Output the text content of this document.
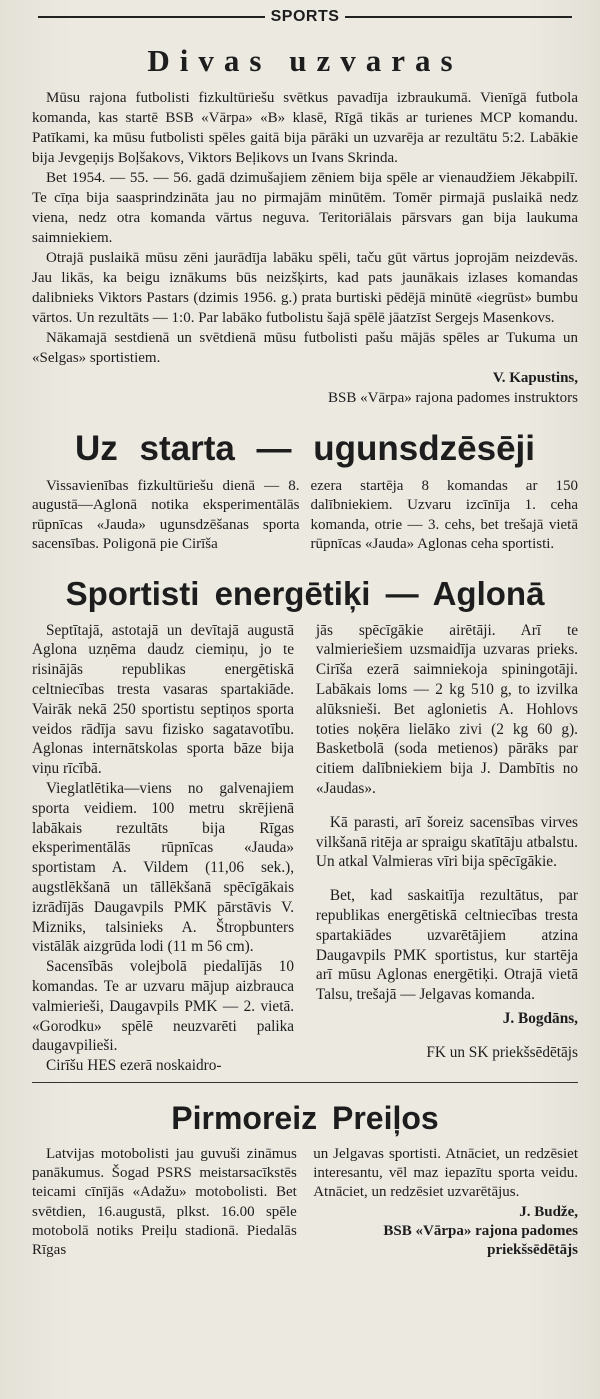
SPORTS
Divas uzvaras

Mūsu rajona futbolisti fizkultūriešu svētkus pavadīja izbraukumā. Vienīgā futbola komanda, kas startē BSB «Vārpa» «B» klasē, Rīgā tikās ar turienes MCP komandu. Patīkami, ka mūsu futbolisti spēles gaitā bija pārāki un uzvarēja ar rezultātu 5:2. Labākie bija Jevgeņijs Boļšakovs, Viktors Beļikovs un Ivans Skrinda.

Bet 1954. — 55. — 56. gadā dzimušajiem zēniem bija spēle ar vienaudžiem Jēkabpilī. Te cīņa bija saasprindzināta jau no pirmajām minūtēm. Tomēr pirmajā puslaikā nedz viena, nedz otra komanda vārtus neguva. Teritoriālais pārsvars gan bija laukuma saimniekiem.

Otrajā puslaikā mūsu zēni jaurādīja labāku spēli, taču gūt vārtus joprojām neizdevās. Jau likās, ka beigu iznākums būs neizšķirts, kad pats jaunākais izlases komandas dalibnieks Viktors Pastars (dzimis 1956. g.) prata burtiski pēdējā minūtē «iegrūst» bumbu vārtos. Un rezultāts — 1:0. Par labāko futbolistu šajā spēlē jāatzīst Sergejs Masenkovs.

Nākamajā sestdienā un svētdienā mūsu futbolisti pašu mājās spēles ar Tukuma un «Selgas» sportistiem.

V. Kapustins,

BSB «Vārpa» rajona padomes instruktors

Uz starta — ugunsdzēsēji

Vissavienības fizkultūriešu dienā — 8. augustā—Aglonā notika eksperimentālās rūpnīcas «Jauda» ugunsdzēšanas sporta sacensības. Poligonā pie Cirīša

ezera startēja 8 komandas ar 150 dalībniekiem. Uzvaru izcīnīja 1. ceha komanda, otrie — 3. cehs, bet trešajā vietā rūpnīcas «Jauda» Aglonas ceha sportisti.

Sportisti energētiķi — Aglonā

Septītajā, astotajā un devītajā augustā Aglona uzņēma daudz ciemiņu, jo te risinājās republikas energētiskā celtniecības tresta vasaras spartakiāde. Vairāk nekā 250 sportistu septiņos sporta veidos rādīja savu fizisko sagatavotību. Aglonas internātskolas sporta bāze bija viņu rīcībā.

Vieglatlētika—viens no galvenajiem sporta veidiem. 100 metru skrējienā labākais rezultāts bija Rīgas eksperimentālās rūpnīcas «Jauda» sportistam A. Vildem (11,06 sek.), augstlēkšanā un tāllēkšanā spēcīgākais izrādījās Daugavpils PMK pārstāvis V. Mizniks, talsinieks A. Štropbunters vistālāk aizgrūda lodi (11 m 56 cm).

Sacensībās volejbolā piedalījās 10 komandas. Te ar uzvaru mājup aizbrauca valmierieši, Daugavpils PMK — 2. vietā. «Gorodku» spēlē neuzvarēti palika daugavpilieši.

Cirīšu HES ezerā noskaidro-

jās spēcīgākie airētāji. Arī te valmieriešiem uzsmaidīja uzvaras prieks. Cirīša ezerā saimniekoja spiningotāji. Labākais loms — 2 kg 510 g, to izvilka alūksnieši. Bet aglonietis A. Hohlovs toties noķēra lielāko zivi (2 kg 60 g). Basketbolā (soda metienos) pārāks par citiem dalībniekiem bija J. Dambītis no «Jaudas».

Kā parasti, arī šoreiz sacensības virves vilkšanā ritēja ar spraigu skatītāju atbalstu. Un atkal Valmieras vīri bija spēcīgākie.

Bet, kad saskaitīja rezultātus, par republikas energētiskā celtniecības tresta spartakiādes uzvarētājiem atzina Daugavpils PMK sportistus, kur startēja arī mūsu Aglonas energētiķi. Otrajā vietā Talsu, trešajā — Jelgavas komanda.

J. Bogdāns,

FK un SK priekšsēdētājs

Pirmoreiz Preiļos

Latvijas motobolisti jau guvuši zināmus panākumus. Šogad PSRS meistarsacīkstēs teicami cīnījās «Adažu» motobolisti. Bet svētdien, 16.augustā, plkst. 16.00 spēle motobolā notiks Preiļu stadionā. Piedalās Rīgas

un Jelgavas sportisti. Atnāciet, un redzēsiet interesantu, vēl maz iepazītu sporta veidu. Atnāciet, un redzēsiet uzvarētājus.

J. Budže,

BSB «Vārpa» rajona padomes priekšsēdētājs
